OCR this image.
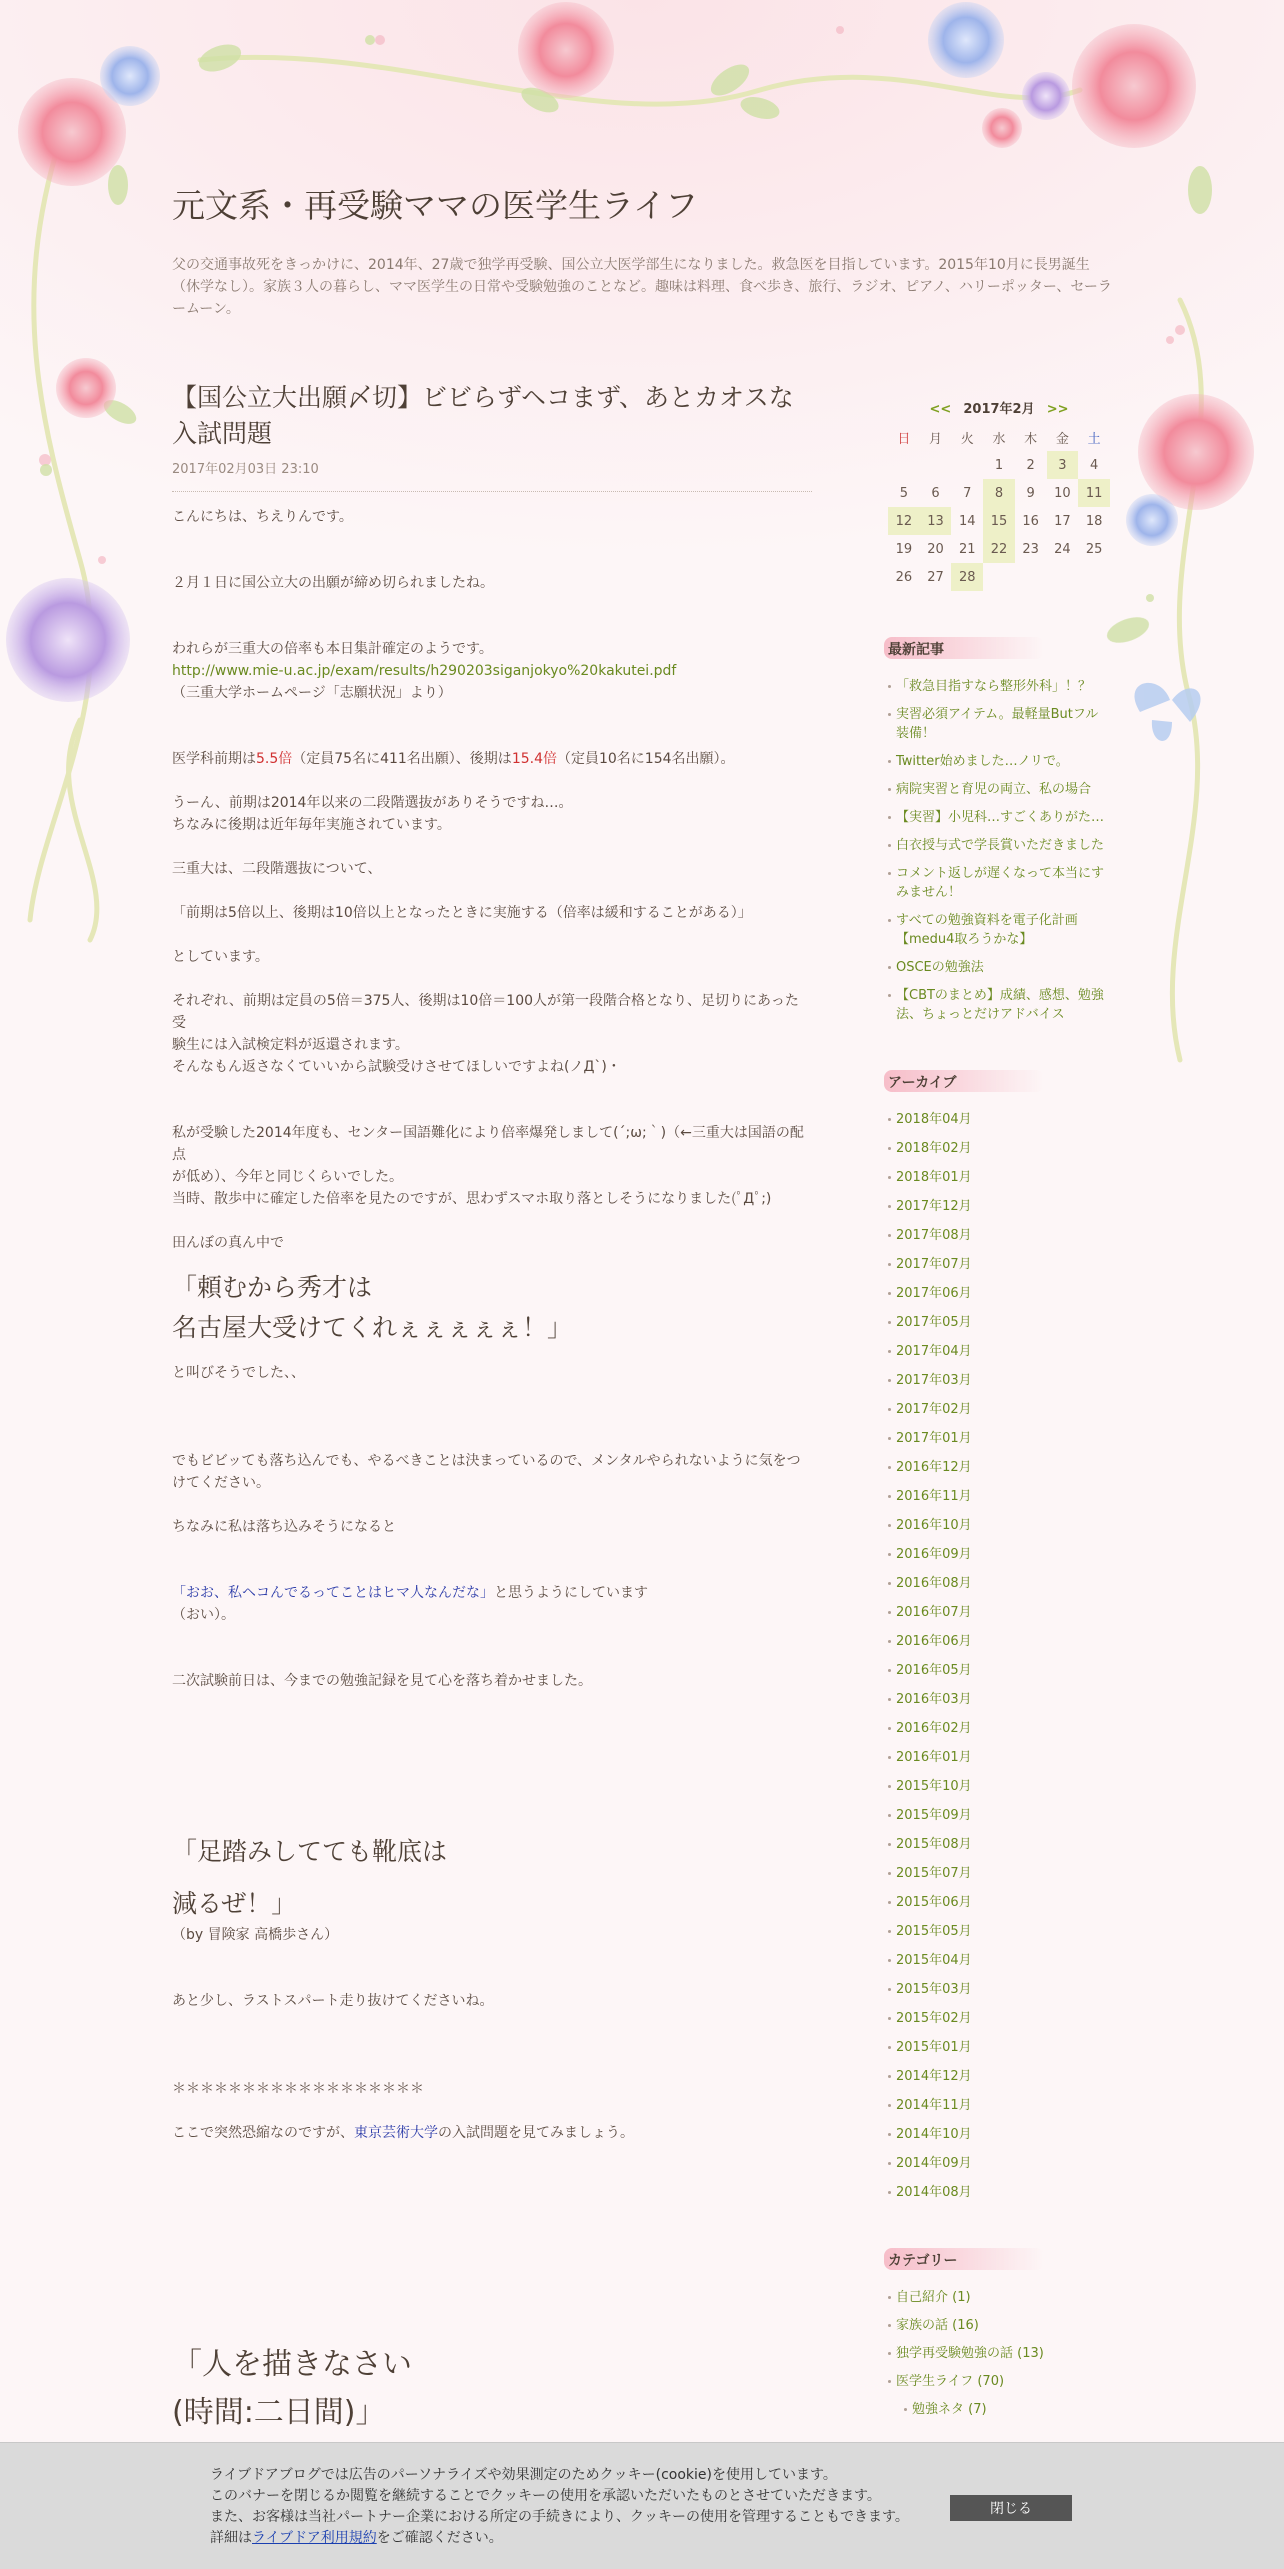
元文系・再受験ママの医学生ライフ
父の交通事故死をきっかけに、2014年、27歳で独学再受験、国公立大医学部生になりました。救急医を目指しています。2015年10月に長男誕生（休学なし）。家族３人の暮らし、ママ医学生の日常や受験勉強のことなど。趣味は料理、食べ歩き、旅行、ラジオ、ピアノ、ハリーポッター、セーラームーン。
【国公立大出願〆切】ビビらずヘコまず、あとカオスな入試問題
2017年02月03日 23:10

こんにちは、ちえりんです。

２月１日に国公立大の出願が締め切られましたね。

われらが三重大の倍率も本日集計確定のようです。

http://www.mie-u.ac.jp/exam/results/h290203siganjokyo%20kakutei.pdf

（三重大学ホームページ「志願状況」より）

医学科前期は5.5倍（定員75名に411名出願）、後期は15.4倍（定員10名に154名出願）。

うーん、前期は2014年以来の二段階選抜がありそうですね…。

ちなみに後期は近年毎年実施されています。

三重大は、二段階選抜について、

「前期は5倍以上、後期は10倍以上となったときに実施する（倍率は緩和することがある）」

としています。

それぞれ、前期は定員の5倍＝375人、後期は10倍＝100人が第一段階合格となり、足切りにあった受

験生には入試検定料が返還されます。

そんなもん返さなくていいから試験受けさせてほしいですよね(ノД`)・

私が受験した2014年度も、センター国語難化により倍率爆発しまして(´;ω;｀)（←三重大は国語の配点

が低め）、今年と同じくらいでした。

当時、散歩中に確定した倍率を見たのですが、思わずスマホ取り落としそうになりました(ﾟДﾟ;)

田んぼの真ん中で

「頼むから秀才は

名古屋大受けてくれぇぇぇぇぇ！」

と叫びそうでした、、

でもビビッても落ち込んでも、やるべきことは決まっているので、メンタルやられないように気をつ

けてください。

ちなみに私は落ち込みそうになると

「おお、私ヘコんでるってことはヒマ人なんだな」と思うようにしています

（おい）。

二次試験前日は、今までの勉強記録を見て心を落ち着かせました。

「足踏みしてても靴底は

減るぜ！」

（by 冒険家 高橋歩さん）

あと少し、ラストスパート走り抜けてくださいね。

＊＊＊＊＊＊＊＊＊＊＊＊＊＊＊＊＊＊

ここで突然恐縮なのですが、東京芸術大学の入試問題を見てみましょう。

「人を描きなさい

(時間:二日間)」

<< 2017年2月 >>
日	月	火	水	木	金	土
			1	2	3	4
5	6	7	8	9	10	11
12	13	14	15	16	17	18
19	20	21	22	23	24	25
26	27	28				
最新記事
「救急目指すなら整形外科」！？
実習必須アイテム。最軽量Butフル装備！
Twitter始めました…ノリで。
病院実習と育児の両立、私の場合
【実習】小児科…すごくありがた…
白衣授与式で学長賞いただきました
コメント返しが遅くなって本当にすみません！
すべての勉強資料を電子化計画【medu4取ろうかな】
OSCEの勉強法
【CBTのまとめ】成績、感想、勉強法、ちょっとだけアドバイス
アーカイブ
2018年04月
2018年02月
2018年01月
2017年12月
2017年08月
2017年07月
2017年06月
2017年05月
2017年04月
2017年03月
2017年02月
2017年01月
2016年12月
2016年11月
2016年10月
2016年09月
2016年08月
2016年07月
2016年06月
2016年05月
2016年03月
2016年02月
2016年01月
2015年10月
2015年09月
2015年08月
2015年07月
2015年06月
2015年05月
2015年04月
2015年03月
2015年02月
2015年01月
2014年12月
2014年11月
2014年10月
2014年09月
2014年08月
カテゴリー
自己紹介 (1)
家族の話 (16)
独学再受験勉強の話 (13)
医学生ライフ (70)
勉強ネタ (7)
ライブドアブログでは広告のパーソナライズや効果測定のためクッキー(cookie)を使用しています。
このバナーを閉じるか閲覧を継続することでクッキーの使用を承認いただいたものとさせていただきます。
また、お客様は当社パートナー企業における所定の手続きにより、クッキーの使用を管理することもできます。
詳細はライブドア利用規約をご確認ください。
閉じる
